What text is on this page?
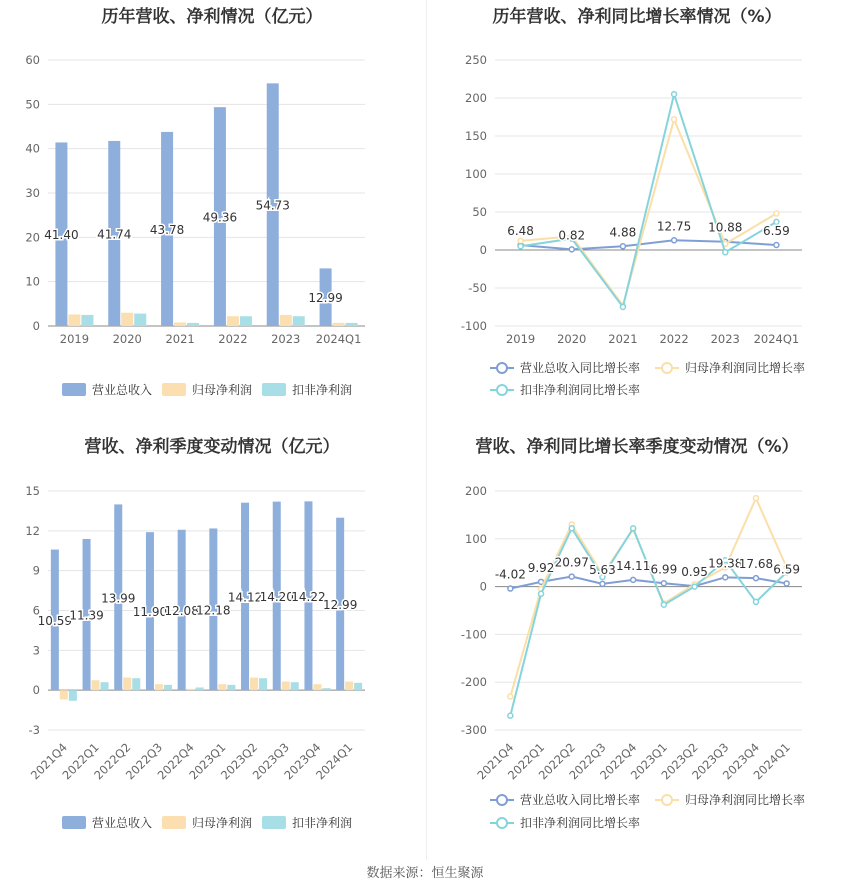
历年营收、净利情况（亿元）
0
10
20
30
40
50
60
2019 2020 2021 2022 2023 2024Q1
41.40 41.74 43.78
49.36
54.73
12.99
营业总收入	归母净利润	扣非净利润
历年营收、净利同比增长率情况（%）
-100
-50
0
50
100
150
200
250
2019 2020 2021 2022 2023 2024Q1
6.48 0.82 4.88 12.75 10.88 6.59
营业总收入同比增长率	归母净利润同比增长率
扣非净利润同比增长率
营收、净利季度变动情况（亿元）
-3
0
3
6
9
12
15
2021Q4
2022Q1
2022Q2
2022Q3
2022Q4
2023Q1
2023Q2
2023Q3
2023Q4
2024Q1
10.59
11.39
13.99
11.90
12.08
12.18
14.12
14.20
14.22
12.99
营业总收入	归母净利润	扣非净利润
营收、净利同比增长率季度变动情况（%）
-300
-200
-100
0
100
200
2021Q4
2022Q1
2022Q2
2022Q3
2022Q4
2023Q1
2023Q2
2023Q3
2023Q4
2024Q1
-4.02 9.92 20.97
5.63 14.11 6.99 0.95
19.38
17.68 6.59
营业总收入同比增长率	归母净利润同比增长率
扣非净利润同比增长率
数据来源：恒生聚源
